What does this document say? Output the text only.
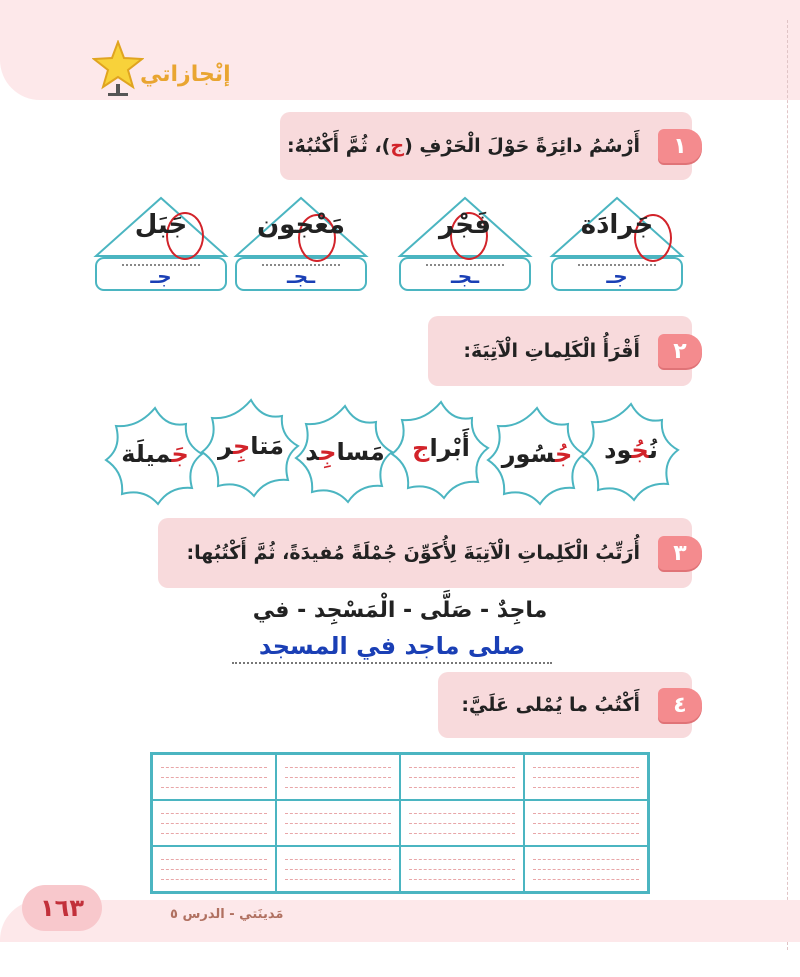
إنْجازاتي
١
أَرْسُمُ دائِرَةً حَوْلَ الْحَرْفِ (ج)، ثُمَّ أَكْتُبُهُ:
جَرادَة
جـ
فَجْر
ـجـ
مَعْجون
ـجـ
جَبَل
جـ
٢
أَقْرَأُ الْكَلِماتِ الْآتِيَةَ:
نُجُود
جُسُور
أَبْراج
مَساجِد
مَتاجِر
جَميلَة
٣
أُرَتِّبُ الْكَلِماتِ الْآتِيَةَ لِأُكَوِّنَ جُمْلَةً مُفيدَةً، ثُمَّ أَكْتُبُها:
ماجِدٌ - صَلَّى - الْمَسْجِد - في
صلى ماجد في المسجد
٤
أَكْتُبُ ما يُمْلى عَلَيَّ:
١٦٣	مَدينَتي - الدرس ٥
